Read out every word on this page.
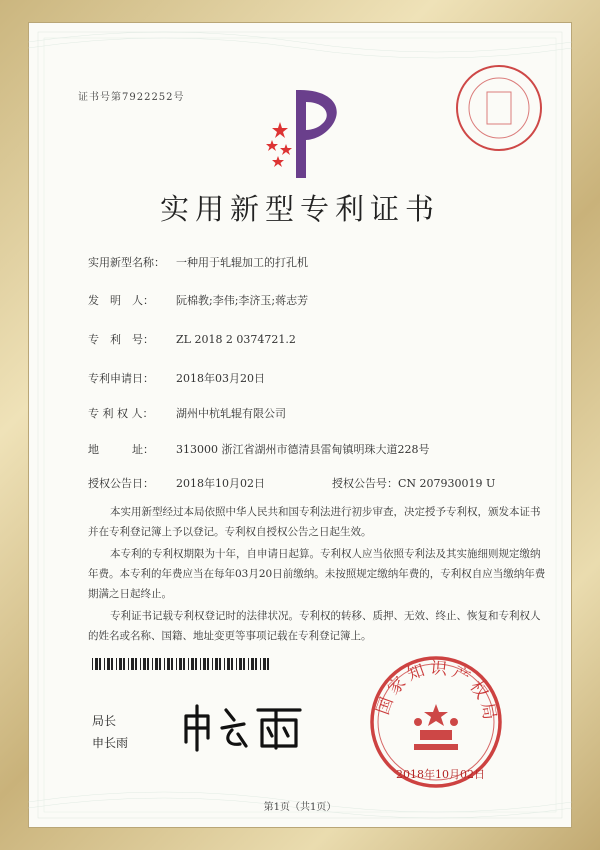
证书号第7922252号
实用新型专利证书
实用新型名称： 一种用于轧辊加工的打孔机
发　明　人： 阮棉教;李伟;李济玉;蒋志芳
专　利　号： ZL 2018 2 0374721.2
专利申请日： 2018年03月20日
专 利 权 人： 湖州中杭轧辊有限公司
地　　　址： 313000 浙江省湖州市德清县雷甸镇明珠大道228号
授权公告日： 2018年10月02日	授权公告号：CN 207930019 U
本实用新型经过本局依照中华人民共和国专利法进行初步审查，决定授予专利权，颁发本证书并在专利登记簿上予以登记。专利权自授权公告之日起生效。
本专利的专利权期限为十年，自申请日起算。专利权人应当依照专利法及其实施细则规定缴纳年费。本专利的年费应当在每年03月20日前缴纳。未按照规定缴纳年费的，专利权自应当缴纳年费期满之日起终止。
专利证书记载专利权登记时的法律状况。专利权的转移、质押、无效、终止、恢复和专利权人的姓名或名称、国籍、地址变更等事项记载在专利登记簿上。
局长
申长雨
国家知识产权局
2018年10月02日
第1页（共1页）
